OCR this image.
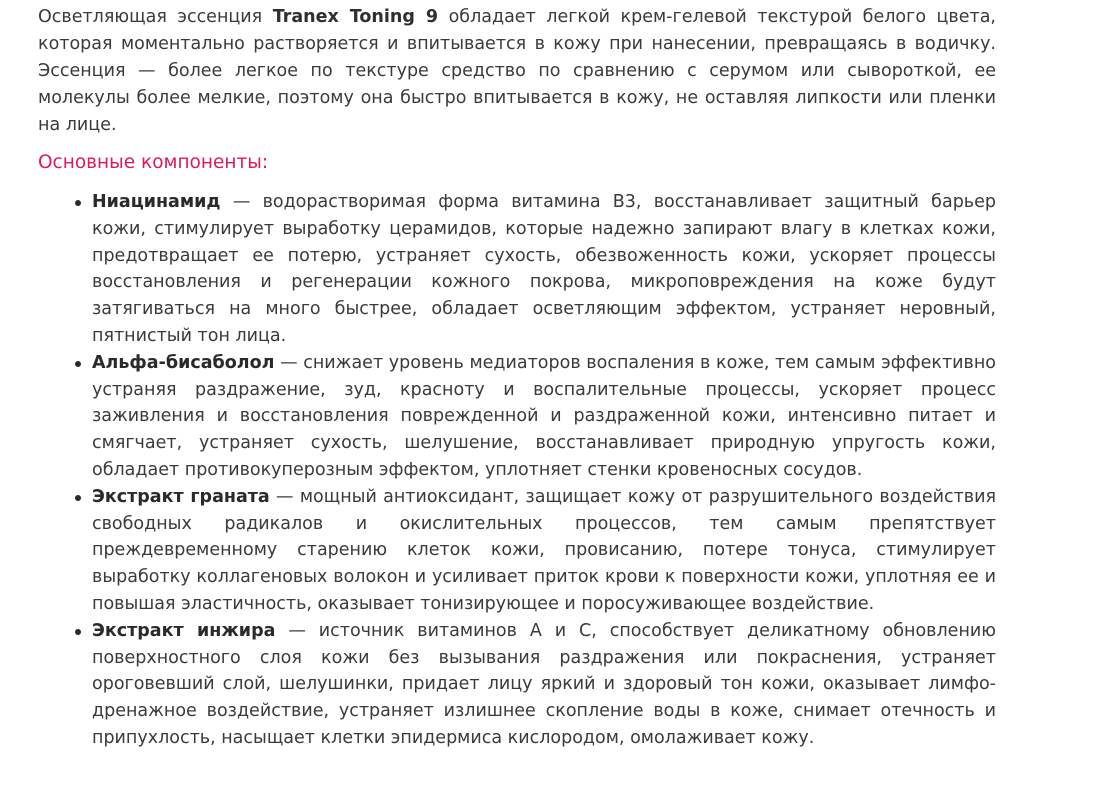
Осветляющая эссенция Tranex Toning 9 обладает легкой крем-гелевой текстурой белого цвета, которая моментально растворяется и впитывается в кожу при нанесении, превращаясь в водичку. Эссенция — более легкое по текстуре средство по сравнению с серумом или сывороткой, ее молекулы более мелкие, поэтому она быстро впитывается в кожу, не оставляя липкости или пленки на лице.

Основные компоненты:
Ниацинамид — водорастворимая форма витамина В3, восстанавливает защитный барьер кожи, стимулирует выработку церамидов, которые надежно запирают влагу в клетках кожи, предотвращает ее потерю, устраняет сухость, обезвоженность кожи, ускоряет процессы восстановления и регенерации кожного покрова, микроповреждения на коже будут затягиваться на много быстрее, обладает осветляющим эффектом, устраняет неровный, пятнистый тон лица.
Альфа-бисаболол — снижает уровень медиаторов воспаления в коже, тем самым эффективно устраняя раздражение, зуд, красноту и воспалительные процессы, ускоряет процесс заживления и восстановления поврежденной и раздраженной кожи, интенсивно питает и смягчает, устраняет сухость, шелушение, восстанавливает природную упругость кожи, обладает противокуперозным эффектом, уплотняет стенки кровеносных сосудов.
Экстракт граната — мощный антиоксидант, защищает кожу от разрушительного воздействия свободных радикалов и окислительных процессов, тем самым препятствует преждевременному старению клеток кожи, провисанию, потере тонуса, стимулирует выработку коллагеновых волокон и усиливает приток крови к поверхности кожи, уплотняя ее и повышая эластичность, оказывает тонизирующее и поросуживающее воздействие.
Экстракт инжира — источник витаминов А и С, способствует деликатному обновлению поверхностного слоя кожи без вызывания раздражения или покраснения, устраняет ороговевший слой, шелушинки, придает лицу яркий и здоровый тон кожи, оказывает лимфо-дренажное воздействие, устраняет излишнее скопление воды в коже, снимает отечность и припухлость, насыщает клетки эпидермиса кислородом, омолаживает кожу.
